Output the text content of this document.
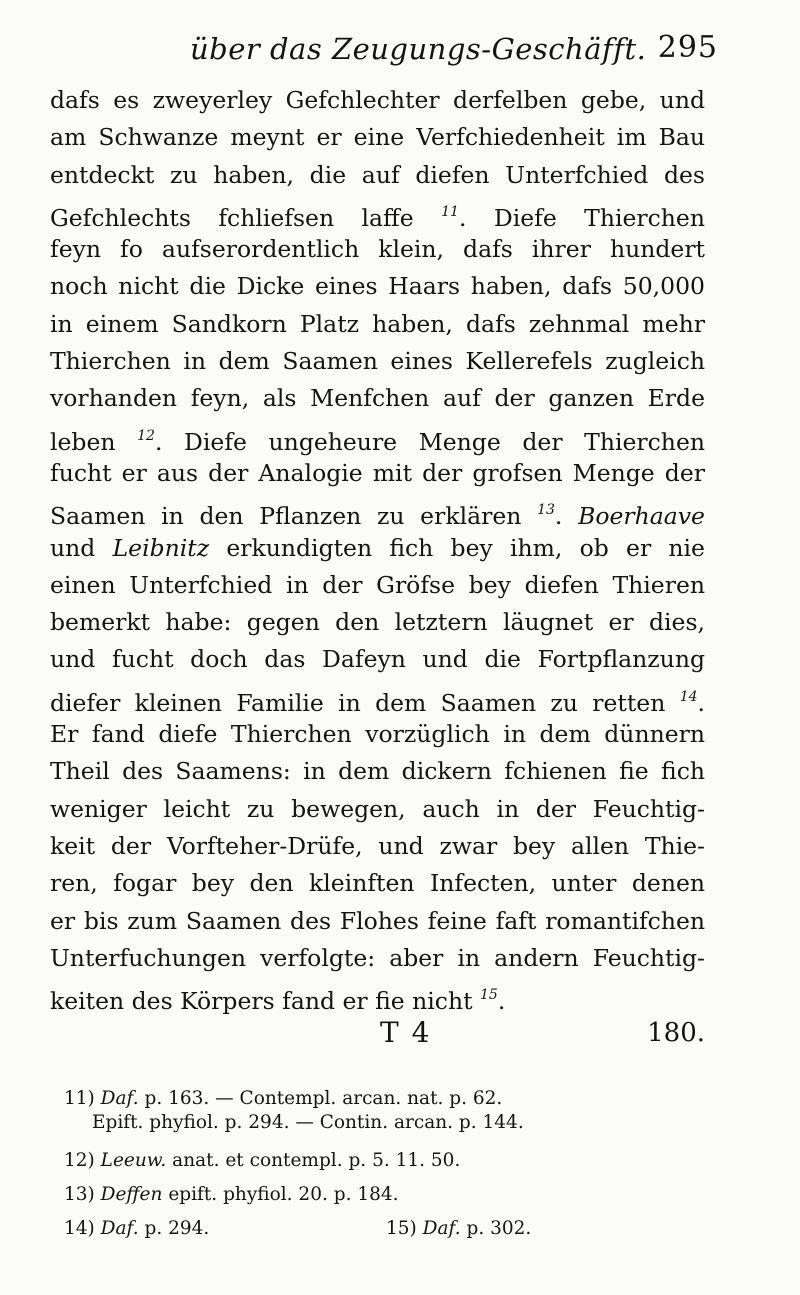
über das Zeugungs-Geschäfft. 295
dafs es zweyerley Gefchlechter derfelben gebe, und
am Schwanze meynt er eine Verfchiedenheit im Bau
entdeckt zu haben, die auf diefen Unterfchied des
Gefchlechts fchliefsen laffe $^{11}$. Diefe Thierchen
feyn fo aufserordentlich klein, dafs ihrer hundert
noch nicht die Dicke eines Haars haben, dafs 50,000
in einem Sandkorn Platz haben, dafs zehnmal mehr
Thierchen in dem Saamen eines Kellerefels zugleich
vorhanden feyn, als Menfchen auf der ganzen Erde
leben $^{12}$. Diefe ungeheure Menge der Thierchen
fucht er aus der Analogie mit der grofsen Menge der
Saamen in den Pflanzen zu erklären $^{13}$. Boerhaave
und Leibnitz erkundigten fich bey ihm, ob er nie
einen Unterfchied in der Gröfse bey diefen Thieren
bemerkt habe: gegen den letztern läugnet er dies,
und fucht doch das Dafeyn und die Fortpflanzung
diefer kleinen Familie in dem Saamen zu retten $^{14}$.
Er fand diefe Thierchen vorzüglich in dem dünnern
Theil des Saamens: in dem dickern fchienen fie fich
weniger leicht zu bewegen, auch in der Feuchtig-
keit der Vorfteher-Drüfe, und zwar bey allen Thie-
ren, fogar bey den kleinften Infecten, unter denen
er bis zum Saamen des Flohes feine faft romantifchen
Unterfuchungen verfolgte: aber in andern Feuchtig-
keiten des Körpers fand er fie nicht $^{15}$.
T 4	180.
11) Daf. p. 163. — Contempl. arcan. nat. p. 62.
Epift. phyfiol. p. 294. — Contin. arcan. p. 144.
12) Leeuw. anat. et contempl. p. 5. 11. 50.
13) Deffen epift. phyfiol. 20. p. 184.
14) Daf. p. 294.	15) Daf. p. 302.
